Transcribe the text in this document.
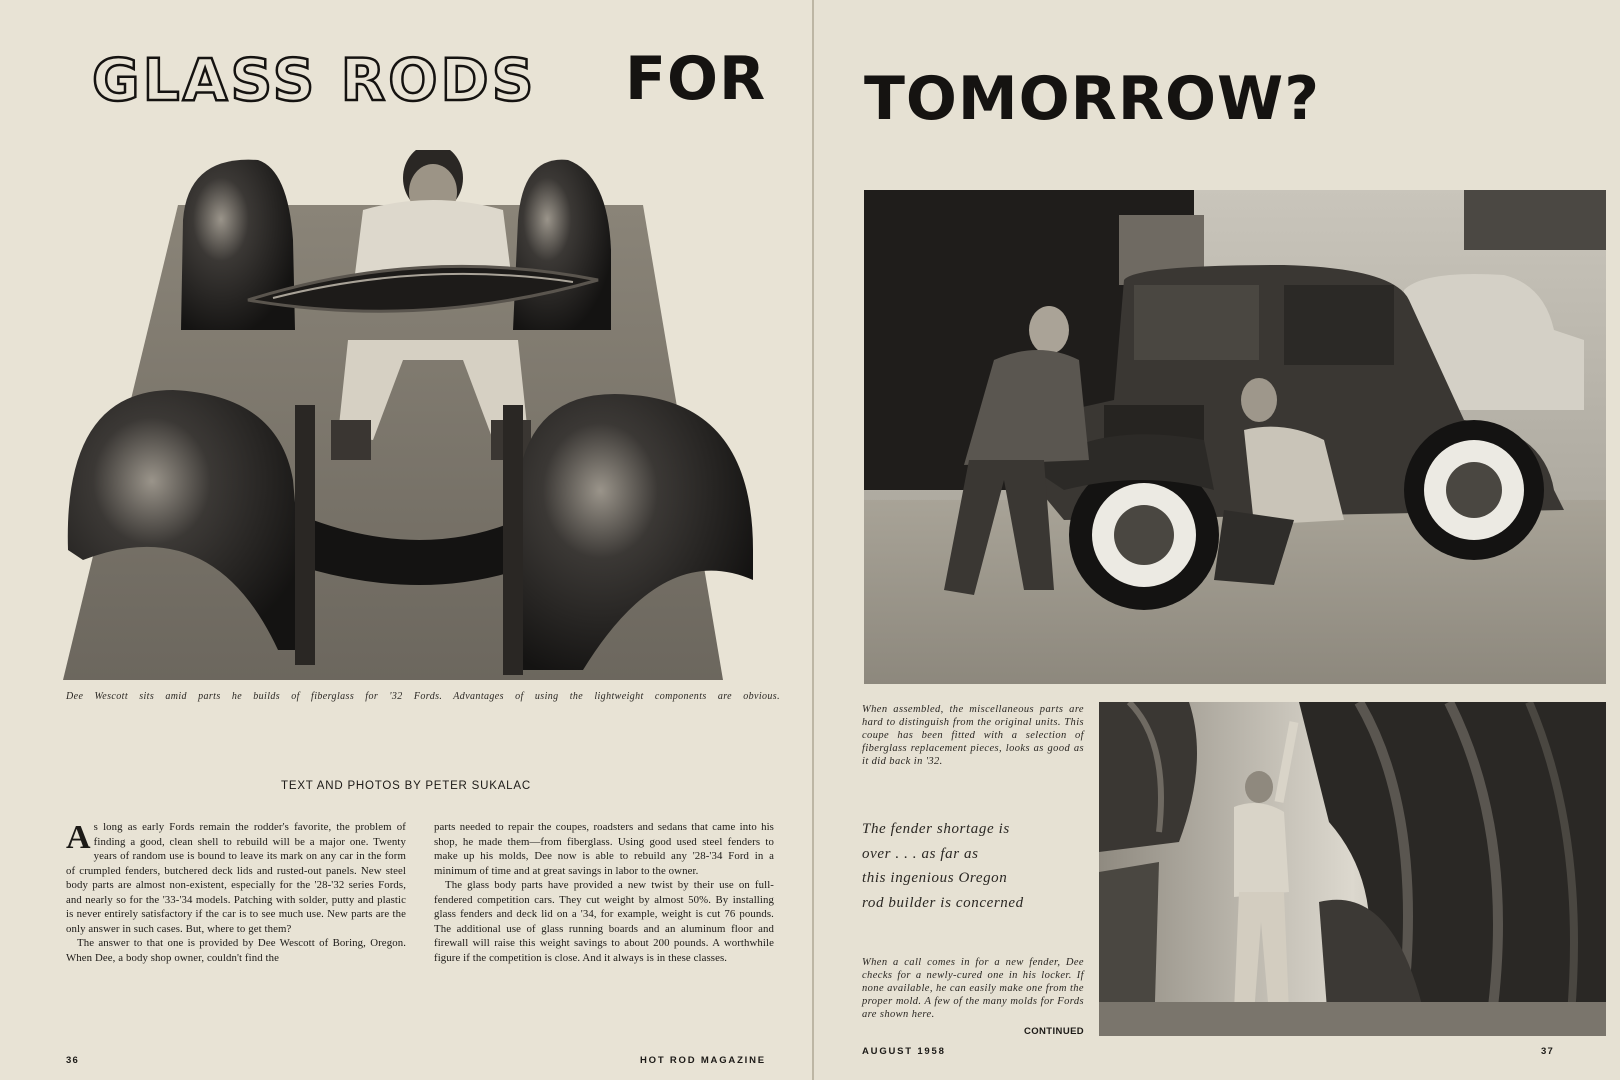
GLASS RODS FOR
Dee Wescott sits amid parts he builds of fiberglass for '32 Fords. Advantages of using the lightweight components are obvious.
TEXT AND PHOTOS BY PETER SUKALAC

As long as early Fords remain the rodder's favorite, the problem of finding a good, clean shell to rebuild will be a major one. Twenty years of random use is bound to leave its mark on any car in the form of crumpled fenders, butchered deck lids and rusted-out panels. New steel body parts are almost non-existent, especially for the '28-'32 series Fords, and nearly so for the '33-'34 models. Patching with solder, putty and plastic is never entirely satisfactory if the car is to see much use. New parts are the only answer in such cases. But, where to get them?

The answer to that one is provided by Dee Wescott of Boring, Oregon. When Dee, a body shop owner, couldn't find the

parts needed to repair the coupes, roadsters and sedans that came into his shop, he made them—from fiberglass. Using good used steel fenders to make up his molds, Dee now is able to rebuild any '28-'34 Ford in a minimum of time and at great savings in labor to the owner.

The glass body parts have provided a new twist by their use on full-fendered competition cars. They cut weight by almost 50%. By installing glass fenders and deck lid on a '34, for example, weight is cut 76 pounds. The additional use of glass running boards and an aluminum floor and firewall will raise this weight savings to about 200 pounds. A worthwhile figure if the competition is close. And it always is in these classes.

36	HOT ROD MAGAZINE
TOMORROW?
When assembled, the miscellaneous parts are hard to distinguish from the original units. This coupe has been fitted with a selection of fiberglass replacement pieces, looks as good as it did back in '32.
The fender shortage is
over . . . as far as
this ingenious Oregon
rod builder is concerned
When a call comes in for a new fender, Dee checks for a newly-cured one in his locker. If none available, he can easily make one from the proper mold. A few of the many molds for Fords are shown here.
CONTINUED
AUGUST 1958	37
